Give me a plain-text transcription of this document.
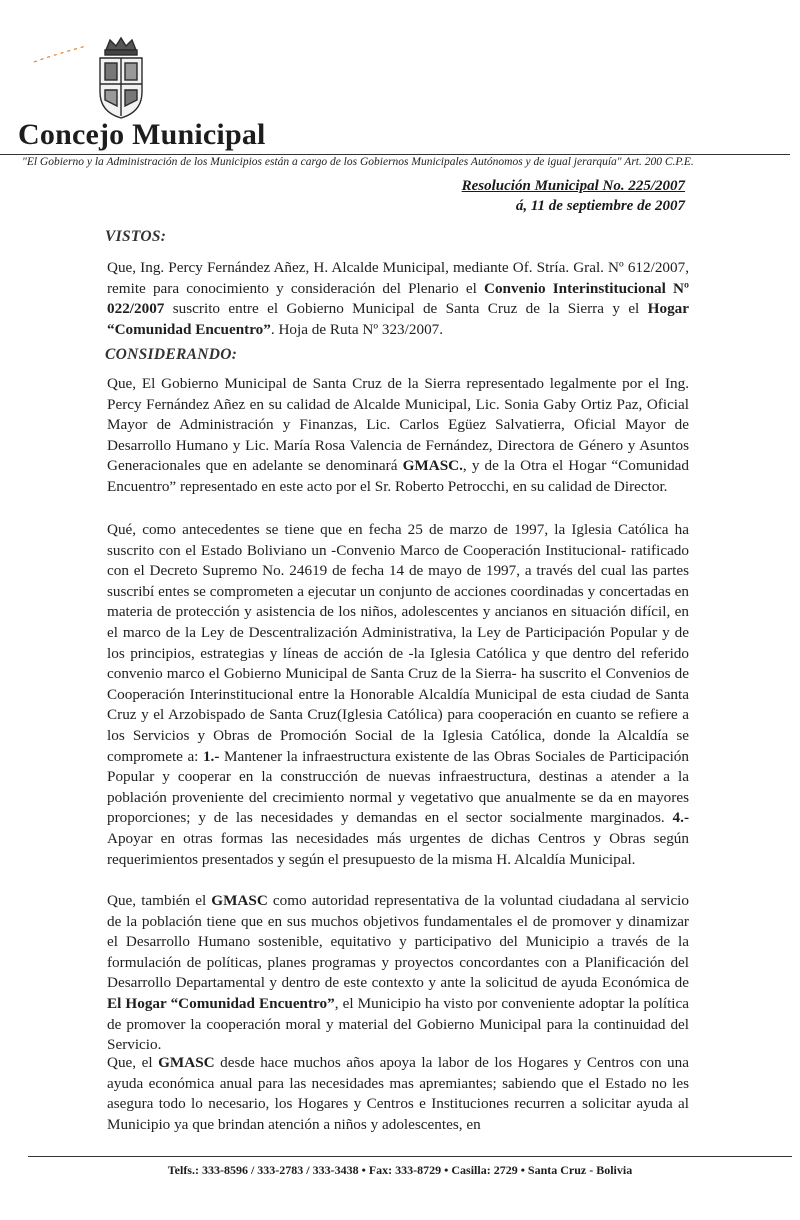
Concejo Municipal
"El Gobierno y la Administración de los Municipios están a cargo de los Gobiernos Municipales Autónomos y de igual jerarquía" Art. 200 C.P.E.
Resolución Municipal No. 225/2007
á, 11 de septiembre de 2007
VISTOS:
Que, Ing. Percy Fernández Añez, H. Alcalde Municipal, mediante Of. Stría. Gral. Nº 612/2007, remite para conocimiento y consideración del Plenario el Convenio Interinstitucional Nº 022/2007 suscrito entre el Gobierno Municipal de Santa Cruz de la Sierra y el Hogar “Comunidad Encuentro”. Hoja de Ruta Nº 323/2007.
CONSIDERANDO:
Que, El Gobierno Municipal de Santa Cruz de la Sierra representado legalmente por el Ing. Percy Fernández Añez en su calidad de Alcalde Municipal, Lic. Sonia Gaby Ortiz Paz, Oficial Mayor de Administración y Finanzas, Lic. Carlos Egüez Salvatierra, Oficial Mayor de Desarrollo Humano y Lic. María Rosa Valencia de Fernández, Directora de Género y Asuntos Generacionales que en adelante se denominará GMASC., y de la Otra el Hogar “Comunidad Encuentro” representado en este acto por el Sr. Roberto Petrocchi, en su calidad de Director.
Qué, como antecedentes se tiene que en fecha 25 de marzo de 1997, la Iglesia Católica ha suscrito con el Estado Boliviano un -Convenio Marco de Cooperación Institucional- ratificado con el Decreto Supremo No. 24619 de fecha 14 de mayo de 1997, a través del cual las partes suscribí entes se comprometen a ejecutar un conjunto de acciones coordinadas y concertadas en materia de protección y asistencia de los niños, adolescentes y ancianos en situación difícil, en el marco de la Ley de Descentralización Administrativa, la Ley de Participación Popular y de los principios, estrategias y líneas de acción de -la Iglesia Católica y que dentro del referido convenio marco el Gobierno Municipal de Santa Cruz de la Sierra- ha suscrito el Convenios de Cooperación Interinstitucional entre la Honorable Alcaldía Municipal de esta ciudad de Santa Cruz y el Arzobispado de Santa Cruz(Iglesia Católica) para cooperación en cuanto se refiere a los Servicios y Obras de Promoción Social de la Iglesia Católica, donde la Alcaldía se compromete a: 1.- Mantener la infraestructura existente de las Obras Sociales de Participación Popular y cooperar en la construcción de nuevas infraestructura, destinas a atender a la población proveniente del crecimiento normal y vegetativo que anualmente se da en mayores proporciones; y de las necesidades y demandas en el sector socialmente marginados. 4.- Apoyar en otras formas las necesidades más urgentes de dichas Centros y Obras según requerimientos presentados y según el presupuesto de la misma H. Alcaldía Municipal.
Que, también el GMASC como autoridad representativa de la voluntad ciudadana al servicio de la población tiene que en sus muchos objetivos fundamentales el de promover y dinamizar el Desarrollo Humano sostenible, equitativo y participativo del Municipio a través de la formulación de políticas, planes programas y proyectos concordantes con a Planificación del Desarrollo Departamental y dentro de este contexto y ante la solicitud de ayuda Económica de El Hogar “Comunidad Encuentro”, el Municipio ha visto por conveniente adoptar la política de promover la cooperación moral y material del Gobierno Municipal para la continuidad del Servicio.
Que, el GMASC desde hace muchos años apoya la labor de los Hogares y Centros con una ayuda económica anual para las necesidades mas apremiantes; sabiendo que el Estado no les asegura todo lo necesario, los Hogares y Centros e Instituciones recurren a solicitar ayuda al Municipio ya que brindan atención a niños y adolescentes, en
Telfs.: 333-8596 / 333-2783 / 333-3438 • Fax: 333-8729 • Casilla: 2729 • Santa Cruz - Bolivia
